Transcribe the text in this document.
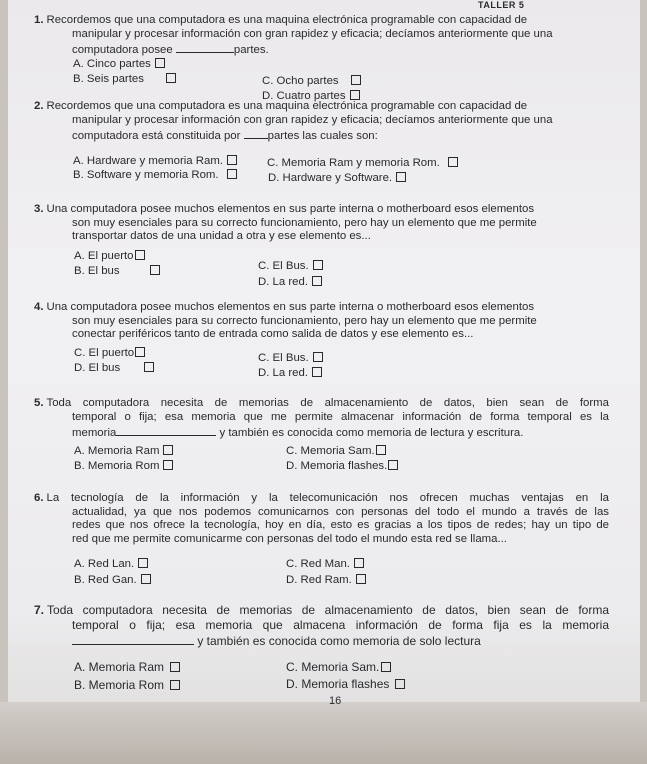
TALLER 5

1. Recordemos que una computadora es una maquina electrónica programable con capacidad de

manipular y procesar información con gran rapidez y eficacia; decíamos anteriormente que una

computadora posee	partes.

A. Cinco partes
B. Seis partes	C. Ocho partes
D. Cuatro partes

2. Recordemos que una computadora es una maquina electrónica programable con capacidad de

manipular y procesar información con gran rapidez y eficacia; decíamos anteriormente que una

computadora está constituida por partes las cuales son:

A. Hardware y memoria Ram.
B. Software y memoria Rom.
C. Memoria Ram y memoria Rom.
D. Hardware y Software.

3. Una computadora posee muchos elementos en sus parte interna o motherboard esos elementos

son muy esenciales para su correcto funcionamiento, pero hay un elemento que me permite

transportar datos de una unidad a otra y ese elemento es...

A. El puerto
B. El bus	C. El Bus.
D. La red.

4. Una computadora posee muchos elementos en sus parte interna o motherboard esos elementos

son muy esenciales para su correcto funcionamiento, pero hay un elemento que me permite

conectar periféricos tanto de entrada como salida de datos y ese elemento es...

C. El puerto
D. El bus
C. El Bus.
D. La red.

5. Toda computadora necesita de memorias de almacenamiento de datos, bien sean de forma

temporal o fija; esa memoria que me permite almacenar información de forma temporal es la

memoria	y también es conocida como memoria de lectura y escritura.

A. Memoria Ram
B. Memoria Rom
C. Memoria Sam.
D. Memoria flashes.

6. La tecnología de la información y la telecomunicación nos ofrecen muchas ventajas en la

actualidad, ya que nos podemos comunicarnos con personas del todo el mundo a través de las

redes que nos ofrece la tecnología, hoy en día, esto es gracias a los tipos de redes; hay un tipo de

red que me permite comunicarme con personas del todo el mundo esta red se llama...

A. Red Lan.
B. Red Gan.
C. Red Man.
D. Red Ram.

7. Toda computadora necesita de memorias de almacenamiento de datos, bien sean de forma

temporal o fija; esa memoria que almacena información de forma fija es la memoria

y también es conocida como memoria de solo lectura

A. Memoria Ram
B. Memoria Rom
C. Memoria Sam.
D. Memoria flashes
16
